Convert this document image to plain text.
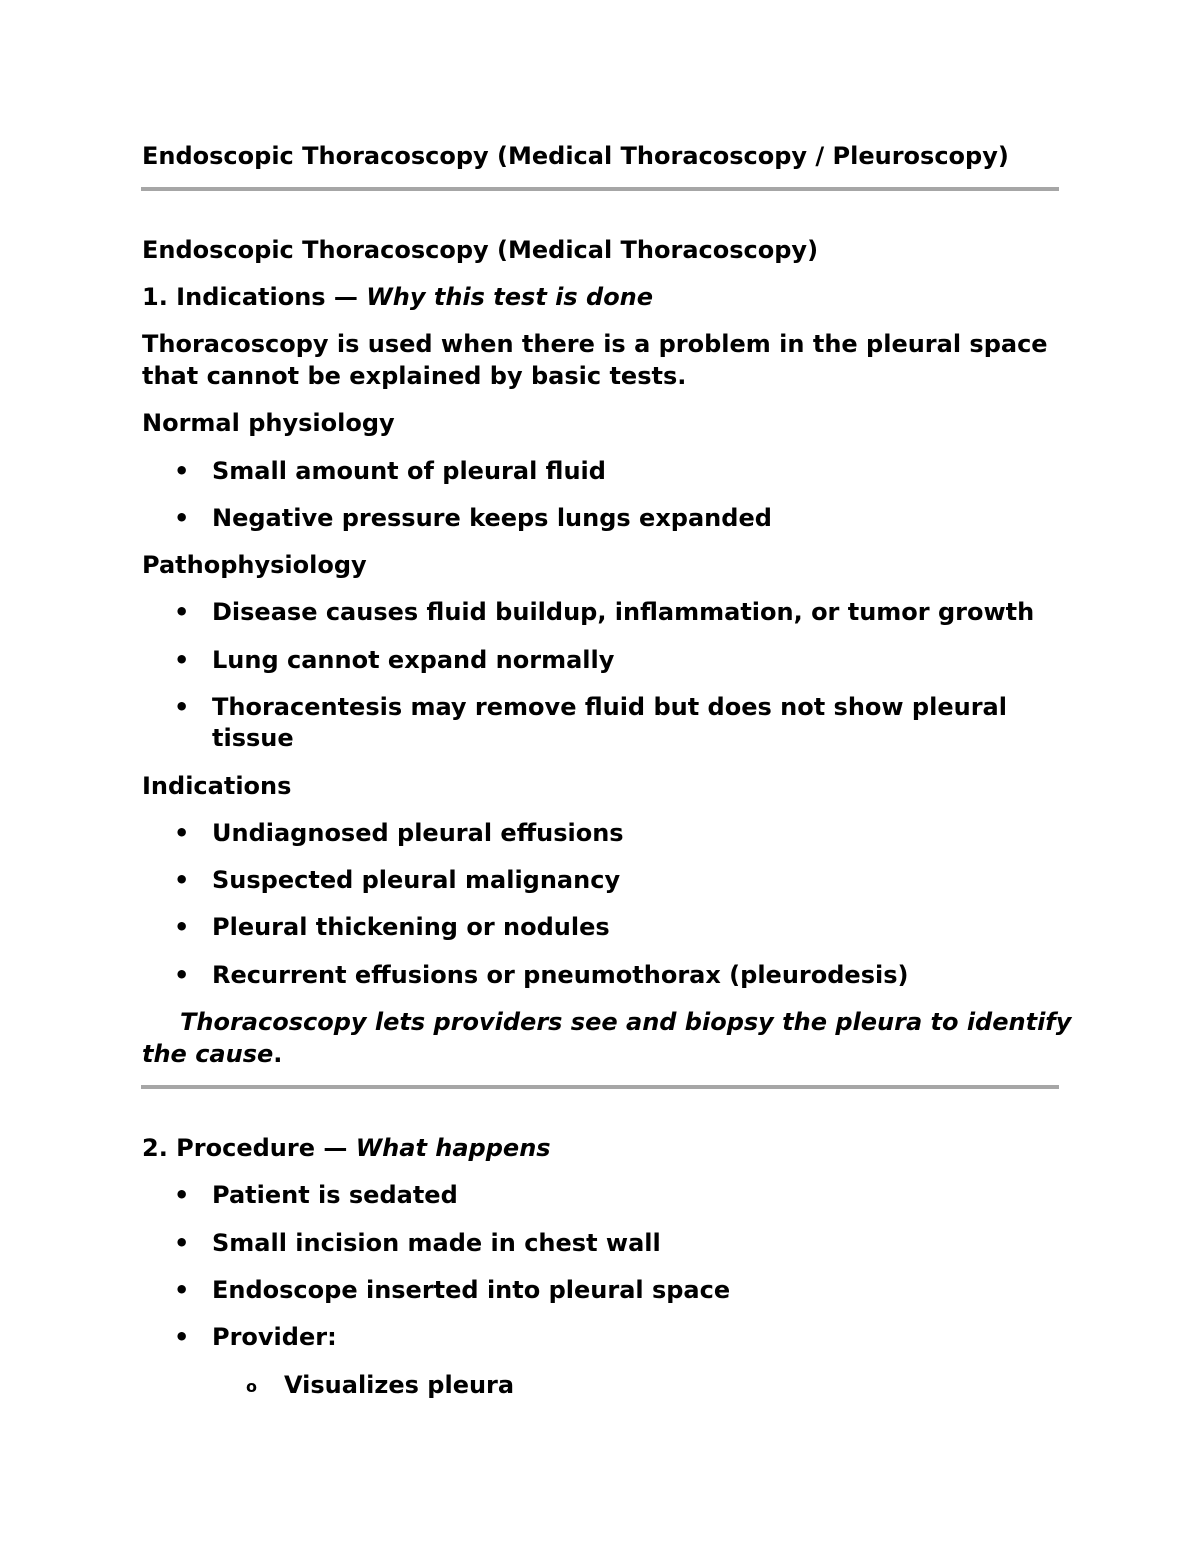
Endoscopic Thoracoscopy (Medical Thoracoscopy / Pleuroscopy)
Endoscopic Thoracoscopy (Medical Thoracoscopy)
1. Indications — Why this test is done
Thoracoscopy is used when there is a problem in the pleural space
that cannot be explained by basic tests.
Normal physiology
• Small amount of pleural fluid
• Negative pressure keeps lungs expanded
Pathophysiology
• Disease causes fluid buildup, inflammation, or tumor growth
• Lung cannot expand normally
• Thoracentesis may remove fluid but does not show pleural
tissue
Indications
• Undiagnosed pleural effusions
• Suspected pleural malignancy
• Pleural thickening or nodules
• Recurrent effusions or pneumothorax (pleurodesis)
Thoracoscopy lets providers see and biopsy the pleura to identify
the cause.
2. Procedure — What happens
• Patient is sedated
• Small incision made in chest wall
• Endoscope inserted into pleural space
• Provider:
o Visualizes pleura
